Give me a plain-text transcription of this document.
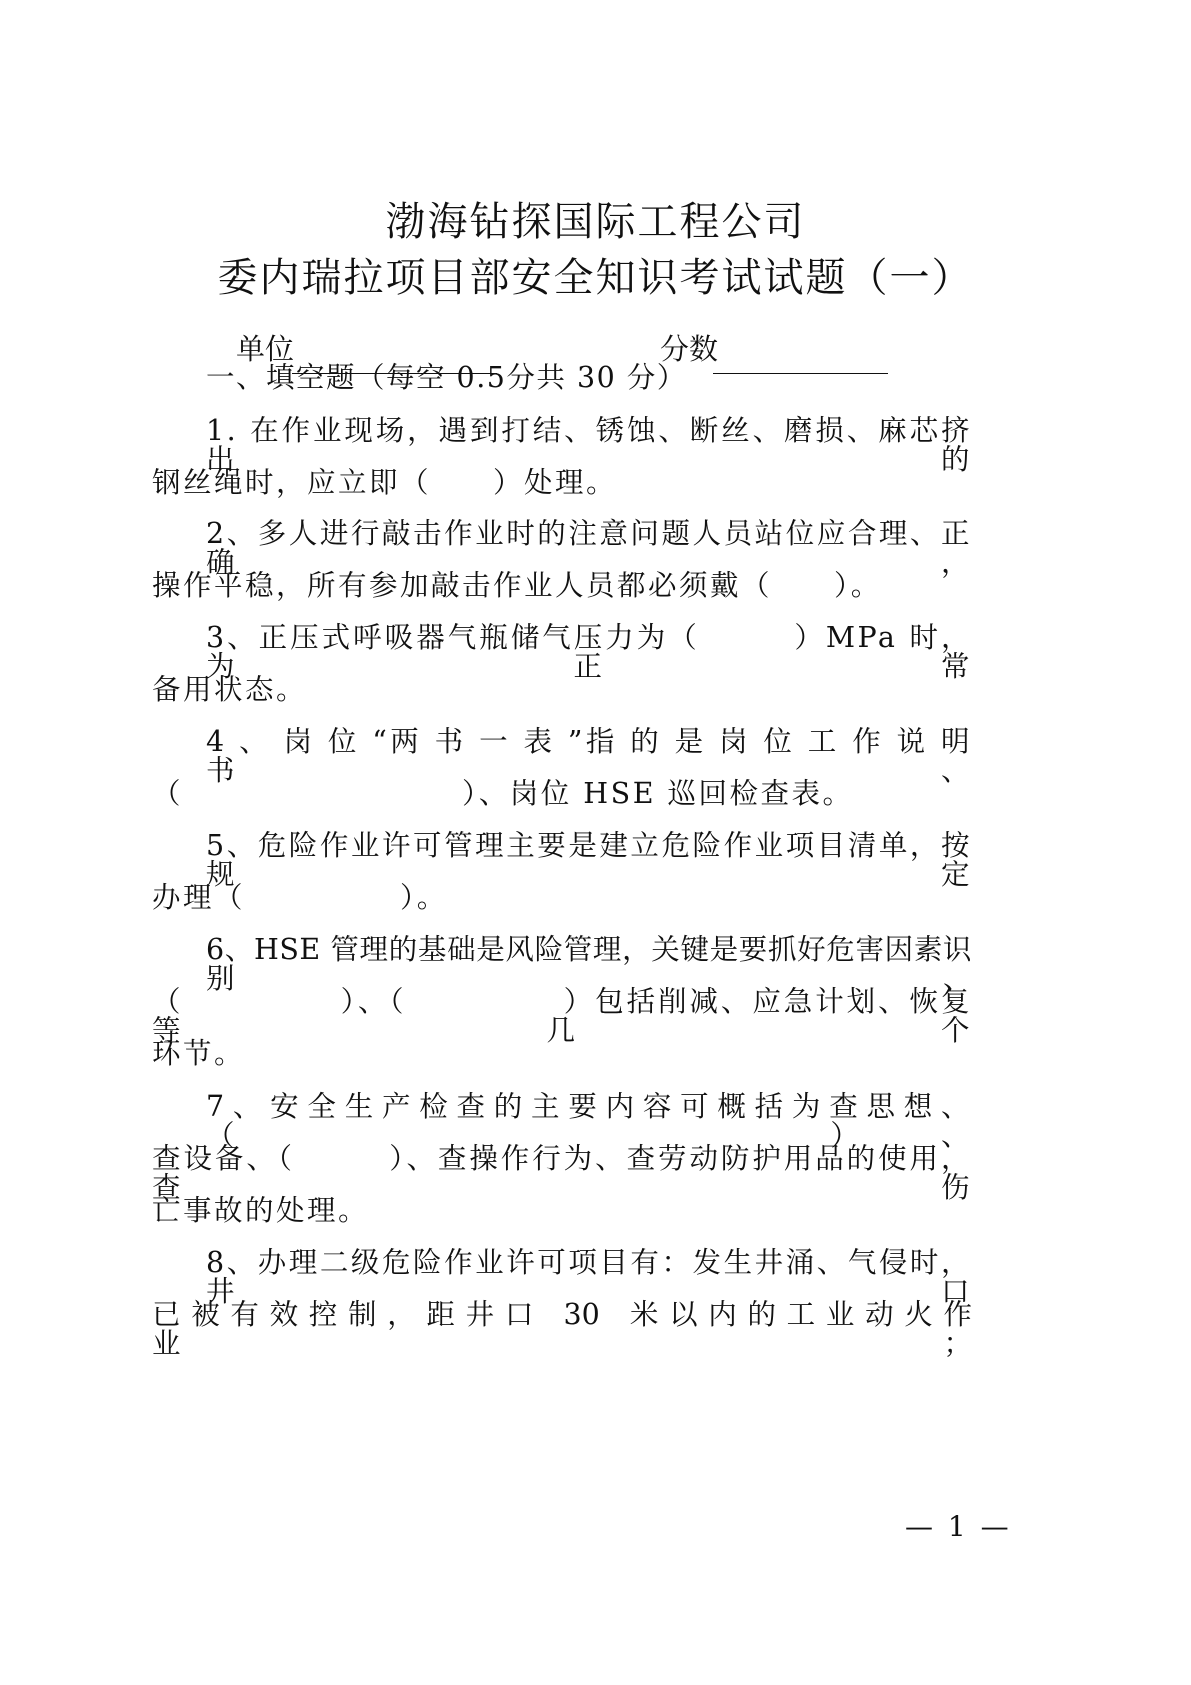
渤海钻探国际工程公司
委内瑞拉项目部安全知识考试试题（一）
单位	分数
一、填空题（每空 0.5分共 30 分）
1. 在作业现场，遇到打结、锈蚀、断丝、磨损、麻芯挤出的
钢丝绳时，应立即（　　）处理。
2、多人进行敲击作业时的注意问题人员站位应合理、正确，
操作平稳，所有参加敲击作业人员都必须戴（　　）。
3、正压式呼吸器气瓶储气压力为（　　　）MPa 时，为正常
备用状态。
4 、 岗 位 “两 书 一 表 ”指 的 是 岗 位 工 作 说 明 书 、
（　　　　　　　　　）、岗位 HSE 巡回检查表。
5、危险作业许可管理主要是建立危险作业项目清单，按规定
办理（　　　　　）。
6、HSE 管理的基础是风险管理，关键是要抓好危害因素识别、
（　　　　　）、（　　　　　）包括削减、应急计划、恢复等几个
环节。
7、安全生产检查的主要内容可概括为查思想、（　　　　）、
查设备、（　　　）、查操作行为、查劳动防护用品的使用，查伤
亡事故的处理。
8、办理二级危险作业许可项目有：发生井涌、气侵时，井口
已 被 有 效 控 制 ， 距 井 口　30　米 以 内 的 工 业 动 火 作 业 ；
— 1 —
